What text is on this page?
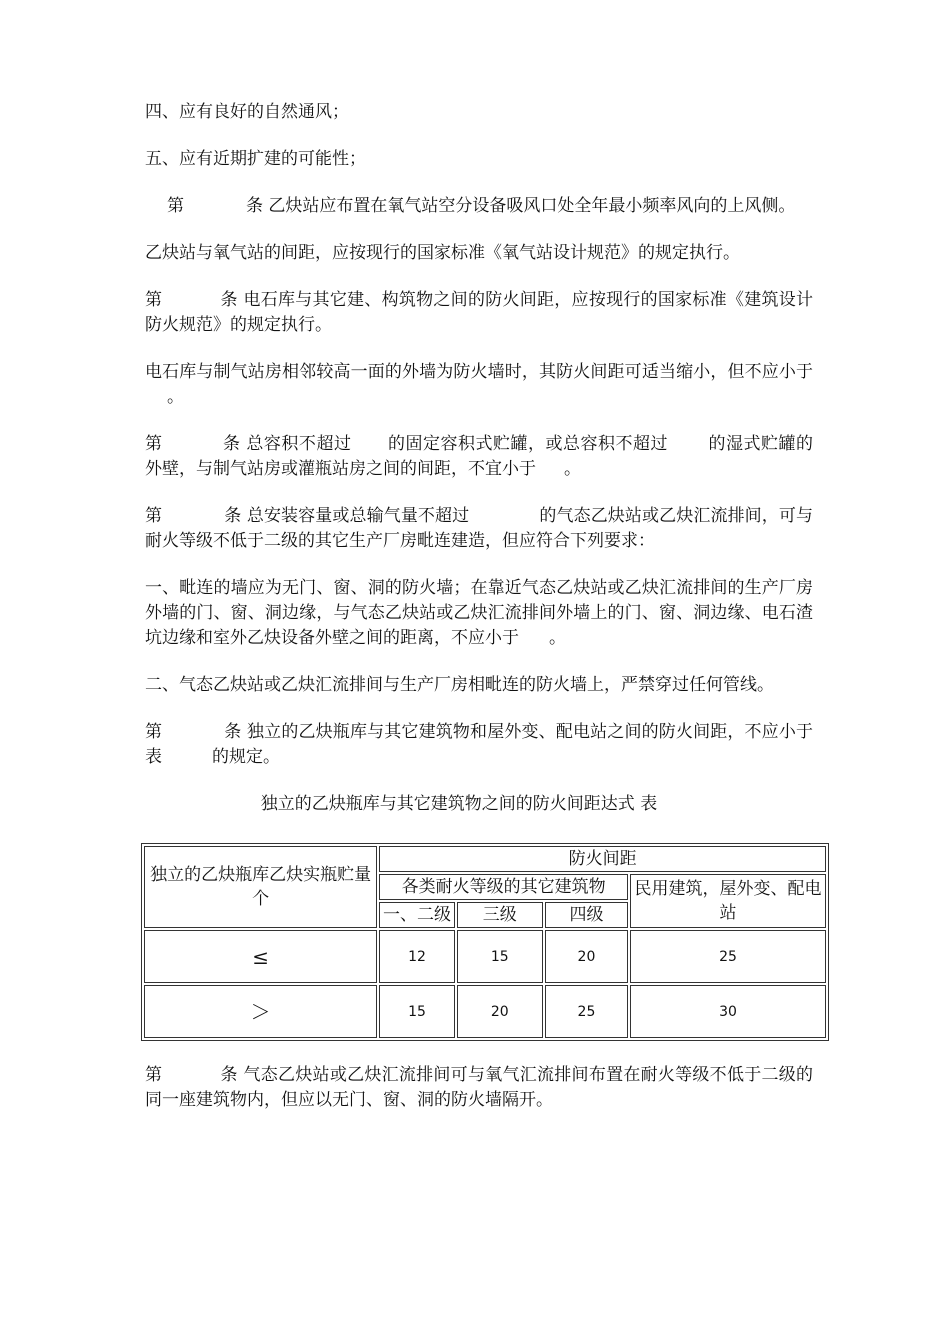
四、应有良好的自然通风；

五、应有近期扩建的可能性；

第	条 乙炔站应布置在氧气站空分设备吸风口处全年最小频率风向的上风侧。

乙炔站与氧气站的间距，应按现行的国家标准《氧气站设计规范》的规定执行。

第	条 电石库与其它建、构筑物之间的防火间距，应按现行的国家标准《建筑设计防火规范》的规定执行。

电石库与制气站房相邻较高一面的外墙为防火墙时，其防火间距可适当缩小，但不应小于。

第	条 总容积不超过 的固定容积式贮罐，或总容积不超过 的湿式贮罐的外壁，与制气站房或灌瓶站房之间的间距，不宜小于 。

第	条 总安装容量或总输气量不超过	的气态乙炔站或乙炔汇流排间，可与耐火等级不低于二级的其它生产厂房毗连建造，但应符合下列要求：

一、毗连的墙应为无门、窗、洞的防火墙；在靠近气态乙炔站或乙炔汇流排间的生产厂房外墙的门、窗、洞边缘，与气态乙炔站或乙炔汇流排间外墙上的门、窗、洞边缘、电石渣坑边缘和室外乙炔设备外壁之间的距离，不应小于 。

二、气态乙炔站或乙炔汇流排间与生产厂房相毗连的防火墙上，严禁穿过任何管线。

第	条 独立的乙炔瓶库与其它建筑物和屋外变、配电站之间的防火间距，不应小于表	的规定。

独立的乙炔瓶库与其它建筑物之间的防火间距达式 表
独立的乙炔瓶库乙炔实瓶贮量 个	防火间距			
	各类耐火等级的其它建筑物			民用建筑，屋外变、配电站
	一、二级	三级	四级	
≤	12	15	20	25
＞	15	20	25	30

第	条 气态乙炔站或乙炔汇流排间可与氧气汇流排间布置在耐火等级不低于二级的同一座建筑物内，但应以无门、窗、洞的防火墙隔开。
